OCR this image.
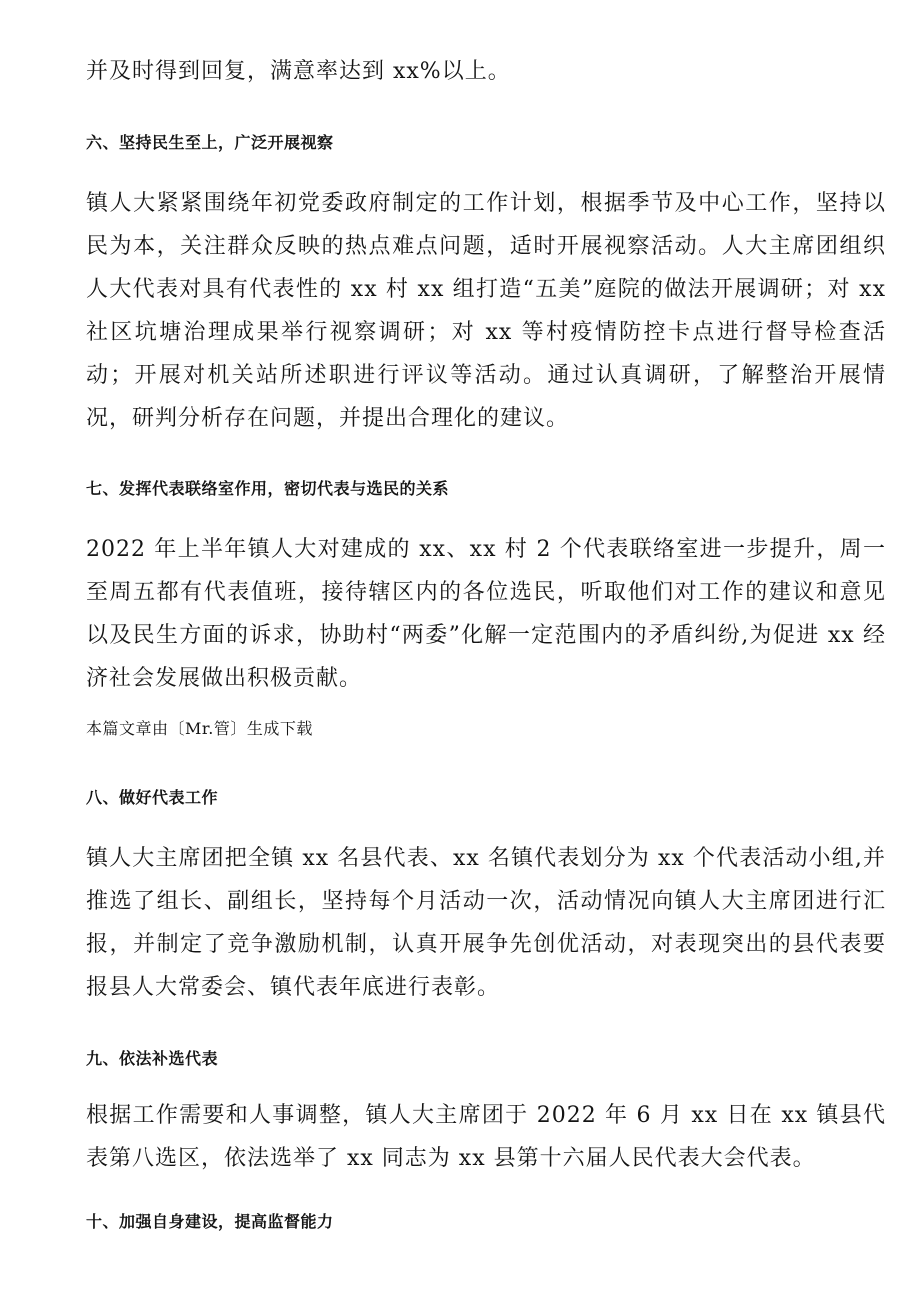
并及时得到回复，满意率达到 xx%以上。

六、坚持民生至上，广泛开展视察

镇人大紧紧围绕年初党委政府制定的工作计划，根据季节及中心工作，坚持以民为本，关注群众反映的热点难点问题，适时开展视察活动。人大主席团组织人大代表对具有代表性的 xx 村 xx 组打造“五美”庭院的做法开展调研；对 xx 社区坑塘治理成果举行视察调研；对 xx 等村疫情防控卡点进行督导检查活动；开展对机关站所述职进行评议等活动。通过认真调研，了解整治开展情况，研判分析存在问题，并提出合理化的建议。

七、发挥代表联络室作用，密切代表与选民的关系

2022 年上半年镇人大对建成的 xx、xx 村 2 个代表联络室进一步提升，周一至周五都有代表值班，接待辖区内的各位选民，听取他们对工作的建议和意见以及民生方面的诉求，协助村“两委”化解一定范围内的矛盾纠纷,为促进 xx 经济社会发展做出积极贡献。

本篇文章由〔Mr.管〕生成下载

八、做好代表工作

镇人大主席团把全镇 xx 名县代表、xx 名镇代表划分为 xx 个代表活动小组,并推选了组长、副组长，坚持每个月活动一次，活动情况向镇人大主席团进行汇报，并制定了竞争激励机制，认真开展争先创优活动，对表现突出的县代表要报县人大常委会、镇代表年底进行表彰。

九、依法补选代表

根据工作需要和人事调整，镇人大主席团于 2022 年 6 月 xx 日在 xx 镇县代表第八选区，依法选举了 xx 同志为 xx 县第十六届人民代表大会代表。

十、加强自身建设，提高监督能力
